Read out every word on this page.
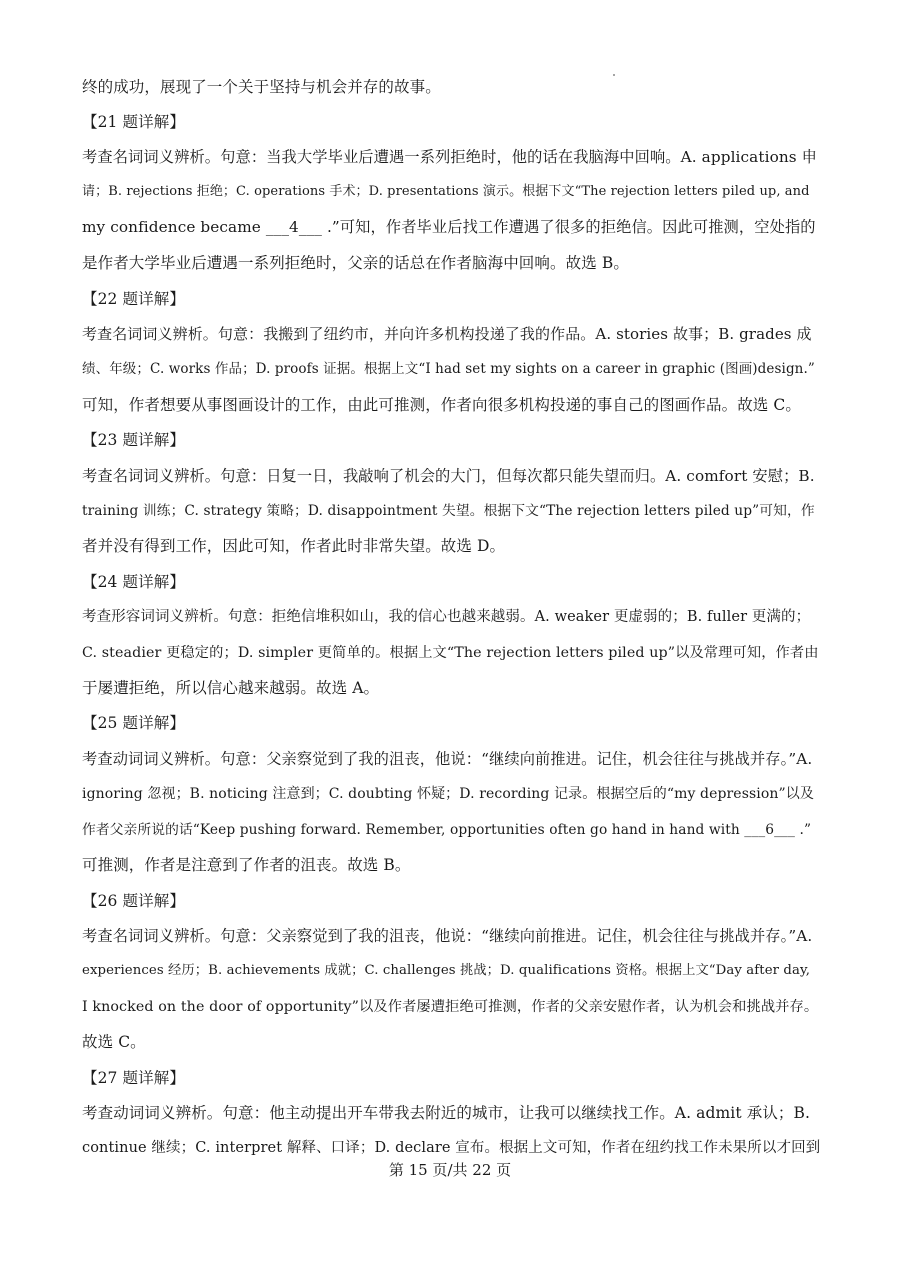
终的成功，展现了一个关于坚持与机会并存的故事。
【21 题详解】
考查名词词义辨析。句意：当我大学毕业后遭遇一系列拒绝时，他的话在我脑海中回响。A. applications 申
请；B. rejections 拒绝；C. operations 手术；D. presentations 演示。根据下文“The rejection letters piled up, and
my confidence became ___4___ .”可知，作者毕业后找工作遭遇了很多的拒绝信。因此可推测，空处指的
是作者大学毕业后遭遇一系列拒绝时，父亲的话总在作者脑海中回响。故选 B。
【22 题详解】
考查名词词义辨析。句意：我搬到了纽约市，并向许多机构投递了我的作品。A. stories 故事；B. grades 成
绩、年级；C. works 作品；D. proofs 证据。根据上文“I had set my sights on a career in graphic (图画)design.”
可知，作者想要从事图画设计的工作，由此可推测，作者向很多机构投递的事自己的图画作品。故选 C。
【23 题详解】
考查名词词义辨析。句意：日复一日，我敲响了机会的大门，但每次都只能失望而归。A. comfort 安慰；B.
training 训练；C. strategy 策略；D. disappointment 失望。根据下文“The rejection letters piled up”可知，作
者并没有得到工作，因此可知，作者此时非常失望。故选 D。
【24 题详解】
考查形容词词义辨析。句意：拒绝信堆积如山，我的信心也越来越弱。A. weaker 更虚弱的；B. fuller 更满的；
C. steadier 更稳定的；D. simpler 更简单的。根据上文“The rejection letters piled up”以及常理可知，作者由
于屡遭拒绝，所以信心越来越弱。故选 A。
【25 题详解】
考查动词词义辨析。句意：父亲察觉到了我的沮丧，他说：“继续向前推进。记住，机会往往与挑战并存。”A.
ignoring 忽视；B. noticing 注意到；C. doubting 怀疑；D. recording 记录。根据空后的“my depression”以及
作者父亲所说的话“Keep pushing forward. Remember, opportunities often go hand in hand with ___6___ .”
可推测，作者是注意到了作者的沮丧。故选 B。
【26 题详解】
考查名词词义辨析。句意：父亲察觉到了我的沮丧，他说：“继续向前推进。记住，机会往往与挑战并存。”A.
experiences 经历；B. achievements 成就；C. challenges 挑战；D. qualifications 资格。根据上文“Day after day,
I knocked on the door of opportunity”以及作者屡遭拒绝可推测，作者的父亲安慰作者，认为机会和挑战并存。
故选 C。
【27 题详解】
考查动词词义辨析。句意：他主动提出开车带我去附近的城市，让我可以继续找工作。A. admit 承认；B.
continue 继续；C. interpret 解释、口译；D. declare 宣布。根据上文可知，作者在纽约找工作未果所以才回到
第 15 页/共 22 页
